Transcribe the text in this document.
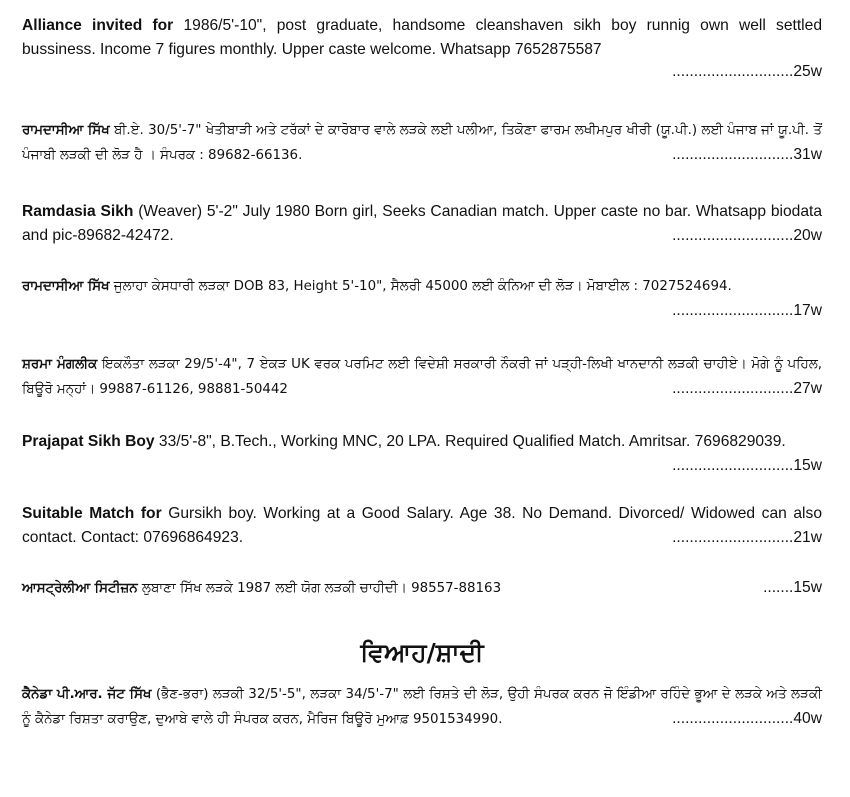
Alliance invited for 1986/5'-10", post graduate, handsome cleanshaven sikh boy runnig own well settled bussiness. Income 7 figures monthly. Upper caste welcome. Whatsapp 7652875587

............................25w

ਰਾਮਦਾਸੀਆ ਸਿੱਖ ਬੀ.ਏ. 30/5'-7" ਖੇਤੀਬਾੜੀ ਅਤੇ ਟਰੱਕਾਂ ਦੇ ਕਾਰੋਬਾਰ ਵਾਲੇ ਲੜਕੇ ਲਈ ਪਲੀਆ, ਤਿਕੋਣਾ ਫਾਰਮ ਲਖੀਮਪੁਰ ਖੀਰੀ (ਯੂ.ਪੀ.) ਲਈ ਪੰਜਾਬ ਜਾਂ ਯੂ.ਪੀ. ਤੋਂ ਪੰਜਾਬੀ ਲੜਕੀ ਦੀ ਲੋੜ ਹੈ । ਸੰਪਰਕ : 89682-66136.	............................31w

Ramdasia Sikh (Weaver) 5'-2" July 1980 Born girl, Seeks Canadian match. Upper caste no bar. Whatsapp biodata and pic-89682-42472.	............................20w

ਰਾਮਦਾਸੀਆ ਸਿੱਖ ਜੁਲਾਹਾ ਕੇਸਧਾਰੀ ਲੜਕਾ DOB 83, Height 5'-10", ਸੈਲਰੀ 45000 ਲਈ ਕੰਨਿਆ ਦੀ ਲੋੜ। ਮੋਬਾਈਲ : 7027524694.
............................17w

ਸ਼ਰਮਾ ਮੰਗਲੀਕ ਇਕਲੌਤਾ ਲੜਕਾ 29/5'-4", 7 ਏਕੜ UK ਵਰਕ ਪਰਮਿਟ ਲਈ ਵਿਦੇਸ਼ੀ ਸਰਕਾਰੀ ਨੌਕਰੀ ਜਾਂ ਪੜ੍ਹੀ-ਲਿਖੀ ਖਾਨਦਾਨੀ ਲੜਕੀ ਚਾਹੀਏ। ਮੋਗੇ ਨੂੰ ਪਹਿਲ, ਬਿਊਰੋ ਮਨ੍ਹਾਂ। 99887-61126, 98881-50442	............................27w

Prajapat Sikh Boy 33/5'-8", B.Tech., Working MNC, 20 LPA. Required Qualified Match. Amritsar. 7696829039.
............................15w

Suitable Match for Gursikh boy. Working at a Good Salary. Age 38. No Demand. Divorced/ Widowed can also contact. Contact: 07696864923.	............................21w

ਆਸਟ੍ਰੇਲੀਆ ਸਿਟੀਜ਼ਨ ਲੁਬਾਣਾ ਸਿੱਖ ਲੜਕੇ 1987 ਲਈ ਯੋਗ ਲੜਕੀ ਚਾਹੀਦੀ। 98557-88163	.......15w

ਵਿਆਹ/ਸ਼ਾਦੀ

ਕੈਨੇਡਾ ਪੀ.ਆਰ. ਜੱਟ ਸਿੱਖ (ਭੈਣ-ਭਰਾ) ਲੜਕੀ 32/5'-5", ਲੜਕਾ 34/5'-7" ਲਈ ਰਿਸ਼ਤੇ ਦੀ ਲੋੜ, ਉਹੀ ਸੰਪਰਕ ਕਰਨ ਜੋ ਇੰਡੀਆ ਰਹਿੰਦੇ ਭੂਆ ਦੇ ਲੜਕੇ ਅਤੇ ਲੜਕੀ ਨੂੰ ਕੈਨੇਡਾ ਰਿਸ਼ਤਾ ਕਰਾਉਣ, ਦੁਆਬੇ ਵਾਲੇ ਹੀ ਸੰਪਰਕ ਕਰਨ, ਮੈਰਿਜ ਬਿਊਰੋ ਮੁਆਫ਼ 9501534990.	............................40w
